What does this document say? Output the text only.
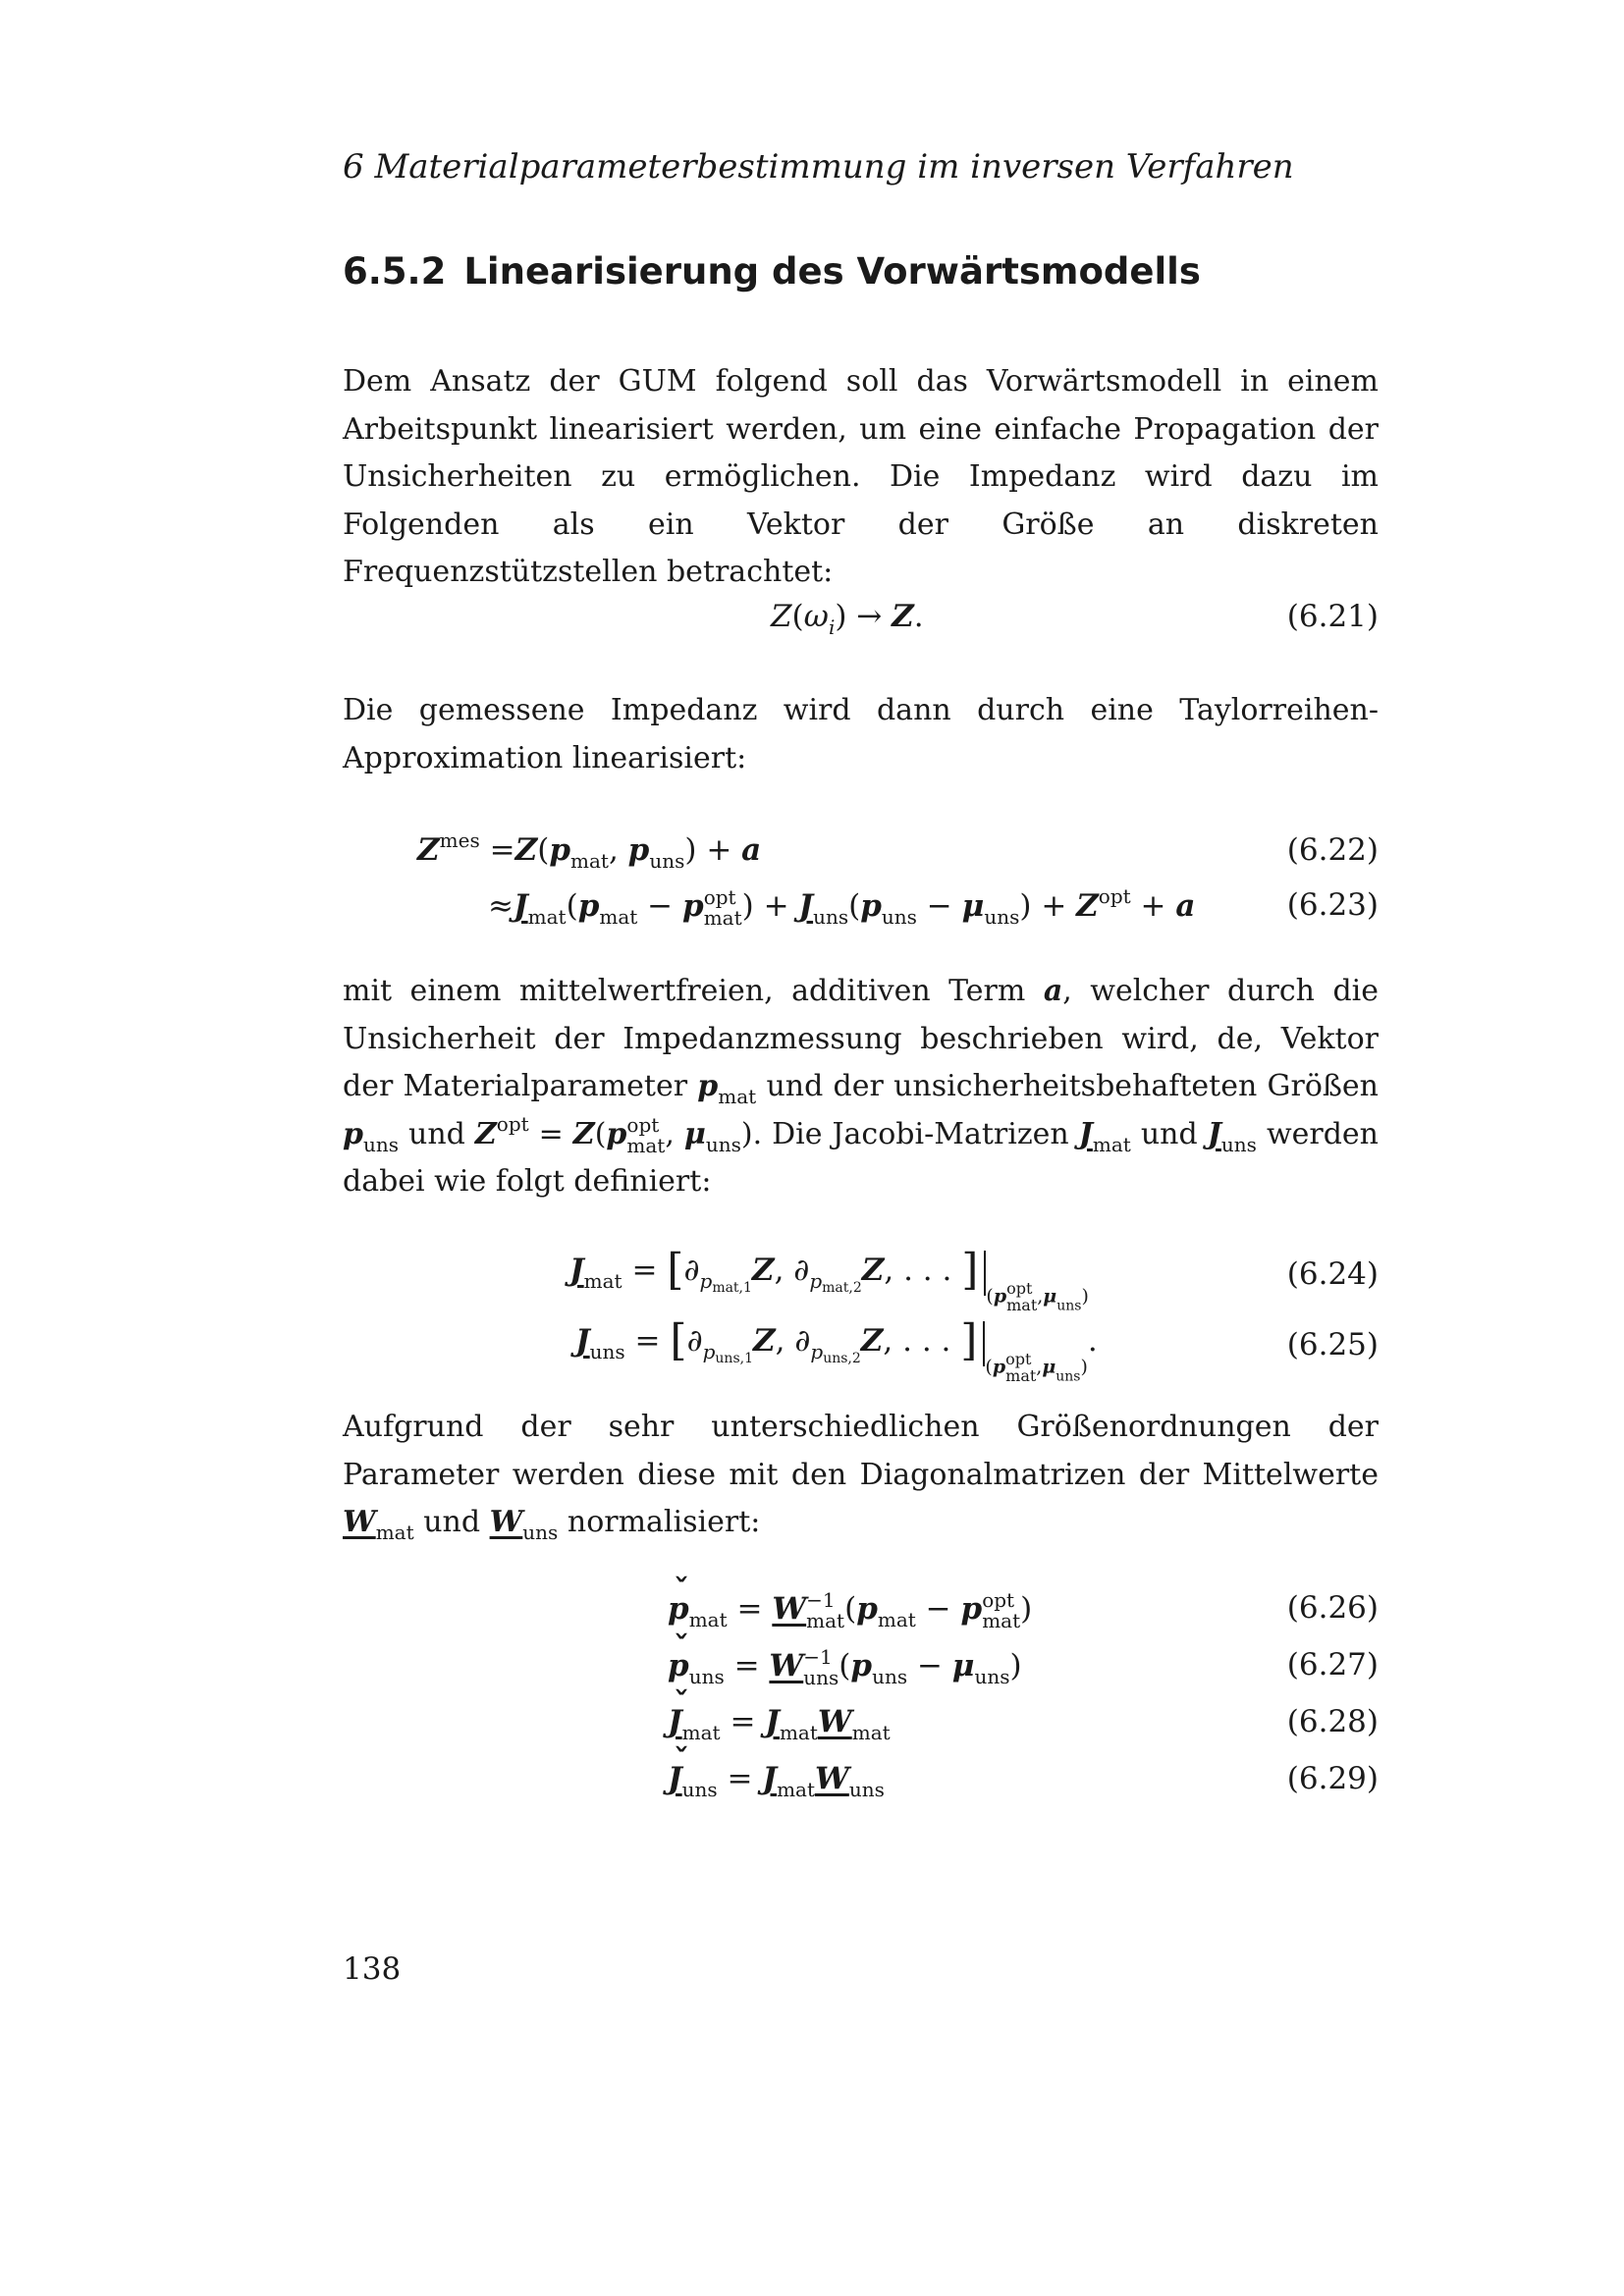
6 Materialparameterbestimmung im inversen Verfahren
6.5.2 Linearisierung des Vorwärtsmodells

Dem Ansatz der GUM folgend soll das Vorwärtsmodell in einem Arbeitspunkt linearisiert werden, um eine einfache Propagation der Unsicherheiten zu ermöglichen. Die Impedanz wird dazu im Folgenden als ein Vektor der Größe an diskreten Frequenzstützstellen betrachtet:

$Z(\omega_i) \to Z$.	(6.21)

Die gemessene Impedanz wird dann durch eine Taylorreihen-Approximation linearisiert:

$Z^{mes} =Z(p_{mat}$, $p_{uns}) + a$	(6.22)
$\approx J_{mat}(p_{mat} - p$ opt
mat ) + $J_{uns}(p_{uns} - \mu_{uns}) + Z^{opt} + a$	(6.23)

mit einem mittelwertfreien, additiven Term a, welcher durch die Unsicherheit der Impedanzmessung beschrieben wird, de, Vektor der Materialparameter $p_{mat}$ und der unsicherheitsbehafteten Größen $p_{uns}$ und $Z^{opt} = Z(p$ opt
mat , $\mu_{uns}$). Die Jacobi-Matrizen $J_{mat}$ und $J_{uns}$ werden dabei wie folgt definiert:

$J_{mat} = [\partial_{p_{mat,1}}Z$, $\partial_{p_{mat,2}}Z$, . . . ](p opt
mat $,\mu_{uns}$)
(6.24)
$J_{uns} = [\partial_{p_{uns,1}}Z$, $\partial_{p_{uns,2}}Z$, . . . ](p opt
mat $,\mu_{uns}$).	(6.25)

Aufgrund der sehr unterschiedlichen Größenordnungen der Parameter werden diese mit den Diagonalmatrizen der Mittelwerte $W_{mat}$ und $W_{uns}$ normalisiert:

ˇ $p_{mat} = W -1$
mat ($p_{mat} - p$ opt
mat )	(6.26)
ˇ $p_{uns} = W -1$
uns $(p_{uns} - \mu_{uns})$	(6.27)
ˇ $J_{mat} = J_{mat}W_{mat}$	(6.28)
ˇ $J_{uns} = J_{mat}W_{uns}$	(6.29)
138
